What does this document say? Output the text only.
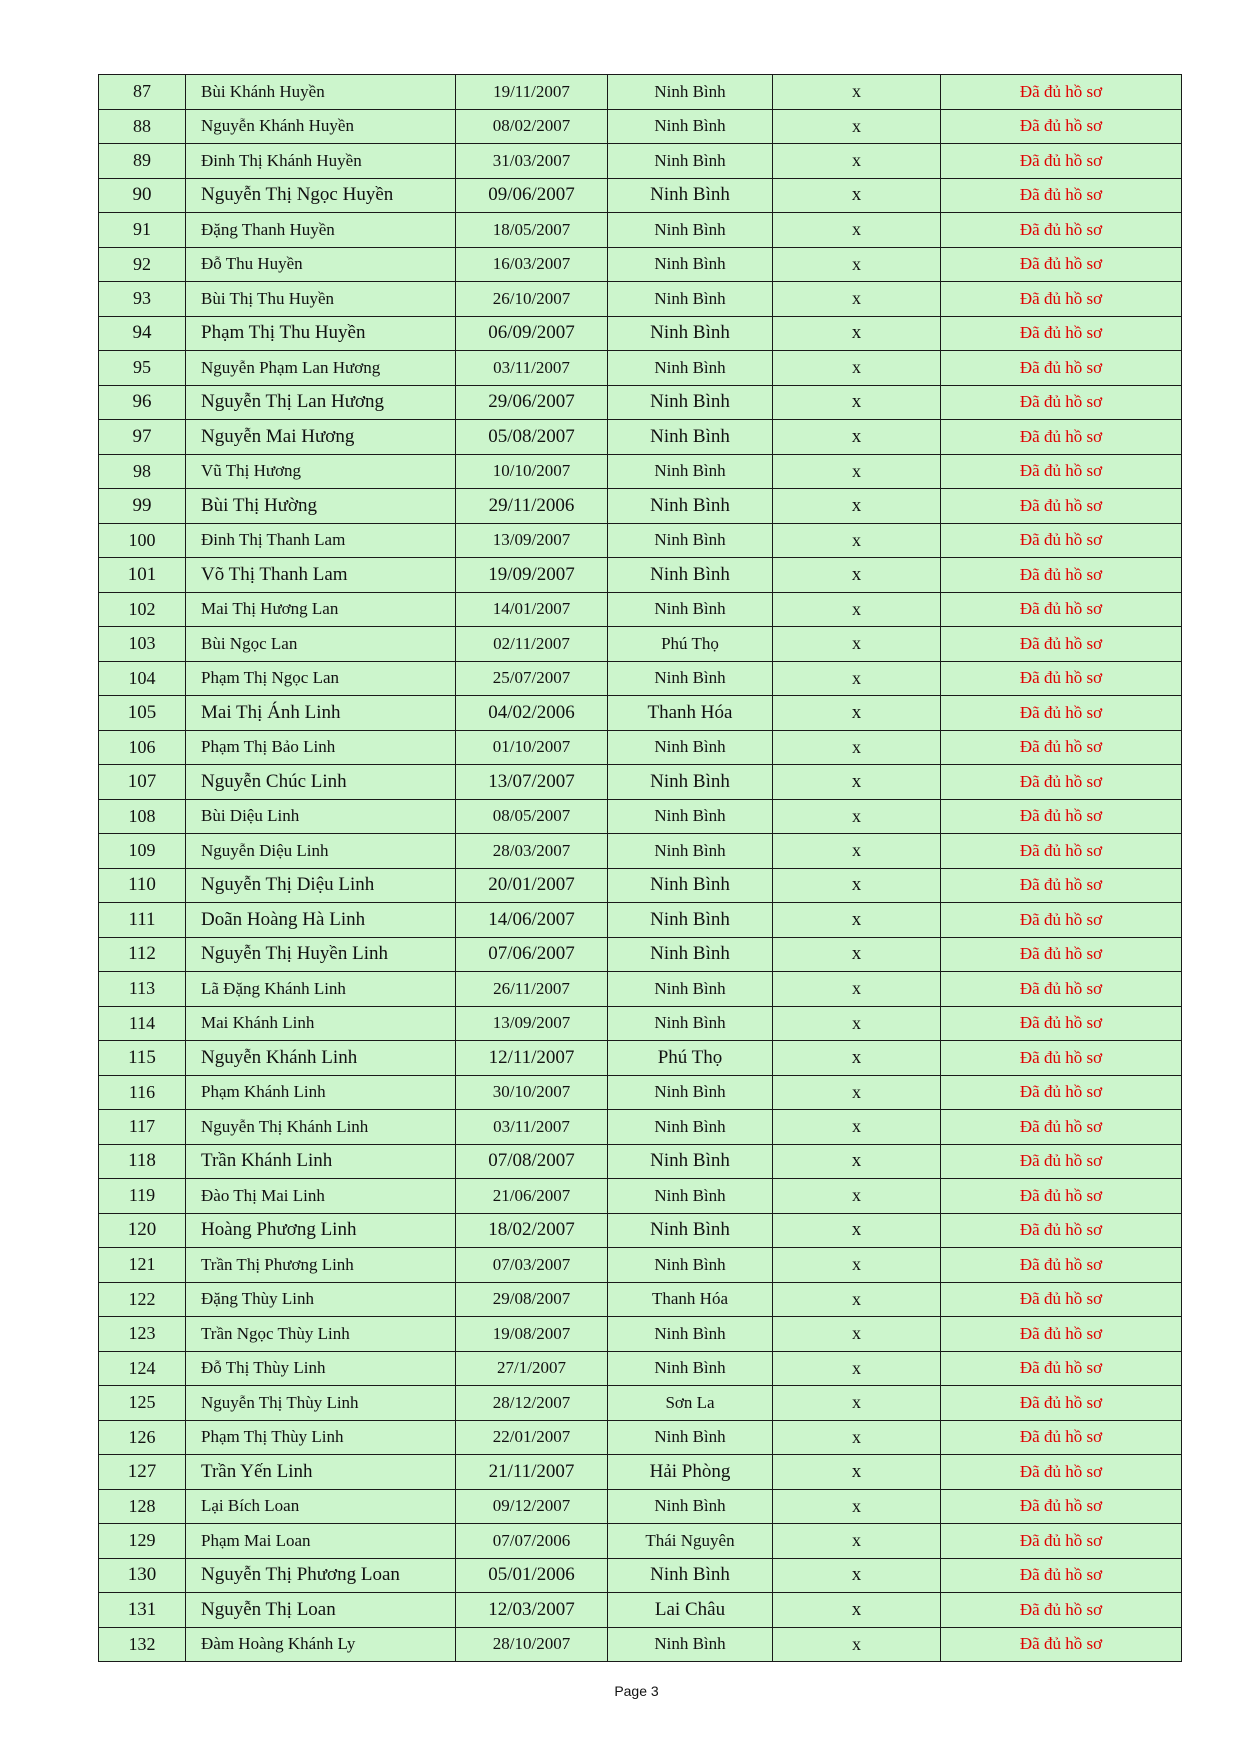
87	Bùi Khánh Huyền	19/11/2007	Ninh Bình	x	Đã đủ hồ sơ
88	Nguyễn Khánh Huyền	08/02/2007	Ninh Bình	x	Đã đủ hồ sơ
89	Đinh Thị Khánh Huyền	31/03/2007	Ninh Bình	x	Đã đủ hồ sơ
90	Nguyễn Thị Ngọc Huyền	09/06/2007	Ninh Bình	x	Đã đủ hồ sơ
91	Đặng Thanh Huyền	18/05/2007	Ninh Bình	x	Đã đủ hồ sơ
92	Đỗ Thu Huyền	16/03/2007	Ninh Bình	x	Đã đủ hồ sơ
93	Bùi Thị Thu Huyền	26/10/2007	Ninh Bình	x	Đã đủ hồ sơ
94	Phạm Thị Thu Huyền	06/09/2007	Ninh Bình	x	Đã đủ hồ sơ
95	Nguyễn Phạm Lan Hương	03/11/2007	Ninh Bình	x	Đã đủ hồ sơ
96	Nguyễn Thị Lan Hương	29/06/2007	Ninh Bình	x	Đã đủ hồ sơ
97	Nguyễn Mai Hương	05/08/2007	Ninh Bình	x	Đã đủ hồ sơ
98	Vũ Thị Hương	10/10/2007	Ninh Bình	x	Đã đủ hồ sơ
99	Bùi Thị Hường	29/11/2006	Ninh Bình	x	Đã đủ hồ sơ
100	Đinh Thị Thanh Lam	13/09/2007	Ninh Bình	x	Đã đủ hồ sơ
101	Võ Thị Thanh Lam	19/09/2007	Ninh Bình	x	Đã đủ hồ sơ
102	Mai Thị Hương Lan	14/01/2007	Ninh Bình	x	Đã đủ hồ sơ
103	Bùi Ngọc Lan	02/11/2007	Phú Thọ	x	Đã đủ hồ sơ
104	Phạm Thị Ngọc Lan	25/07/2007	Ninh Bình	x	Đã đủ hồ sơ
105	Mai Thị Ánh Linh	04/02/2006	Thanh Hóa	x	Đã đủ hồ sơ
106	Phạm Thị Bảo Linh	01/10/2007	Ninh Bình	x	Đã đủ hồ sơ
107	Nguyễn Chúc Linh	13/07/2007	Ninh Bình	x	Đã đủ hồ sơ
108	Bùi Diệu Linh	08/05/2007	Ninh Bình	x	Đã đủ hồ sơ
109	Nguyễn Diệu Linh	28/03/2007	Ninh Bình	x	Đã đủ hồ sơ
110	Nguyễn Thị Diệu Linh	20/01/2007	Ninh Bình	x	Đã đủ hồ sơ
111	Doãn Hoàng Hà Linh	14/06/2007	Ninh Bình	x	Đã đủ hồ sơ
112	Nguyễn Thị Huyền Linh	07/06/2007	Ninh Bình	x	Đã đủ hồ sơ
113	Lã Đặng Khánh Linh	26/11/2007	Ninh Bình	x	Đã đủ hồ sơ
114	Mai Khánh Linh	13/09/2007	Ninh Bình	x	Đã đủ hồ sơ
115	Nguyễn Khánh Linh	12/11/2007	Phú Thọ	x	Đã đủ hồ sơ
116	Phạm Khánh Linh	30/10/2007	Ninh Bình	x	Đã đủ hồ sơ
117	Nguyễn Thị Khánh Linh	03/11/2007	Ninh Bình	x	Đã đủ hồ sơ
118	Trần Khánh Linh	07/08/2007	Ninh Bình	x	Đã đủ hồ sơ
119	Đào Thị Mai Linh	21/06/2007	Ninh Bình	x	Đã đủ hồ sơ
120	Hoàng Phương Linh	18/02/2007	Ninh Bình	x	Đã đủ hồ sơ
121	Trần Thị Phương Linh	07/03/2007	Ninh Bình	x	Đã đủ hồ sơ
122	Đặng Thùy Linh	29/08/2007	Thanh Hóa	x	Đã đủ hồ sơ
123	Trần Ngọc Thùy Linh	19/08/2007	Ninh Bình	x	Đã đủ hồ sơ
124	Đỗ Thị Thùy Linh	27/1/2007	Ninh Bình	x	Đã đủ hồ sơ
125	Nguyễn Thị Thùy Linh	28/12/2007	Sơn La	x	Đã đủ hồ sơ
126	Phạm Thị Thùy Linh	22/01/2007	Ninh Bình	x	Đã đủ hồ sơ
127	Trần Yến Linh	21/11/2007	Hải Phòng	x	Đã đủ hồ sơ
128	Lại Bích Loan	09/12/2007	Ninh Bình	x	Đã đủ hồ sơ
129	Phạm Mai Loan	07/07/2006	Thái Nguyên	x	Đã đủ hồ sơ
130	Nguyễn Thị Phương Loan	05/01/2006	Ninh Bình	x	Đã đủ hồ sơ
131	Nguyễn Thị Loan	12/03/2007	Lai Châu	x	Đã đủ hồ sơ
132	Đàm Hoàng Khánh Ly	28/10/2007	Ninh Bình	x	Đã đủ hồ sơ
Page 3
